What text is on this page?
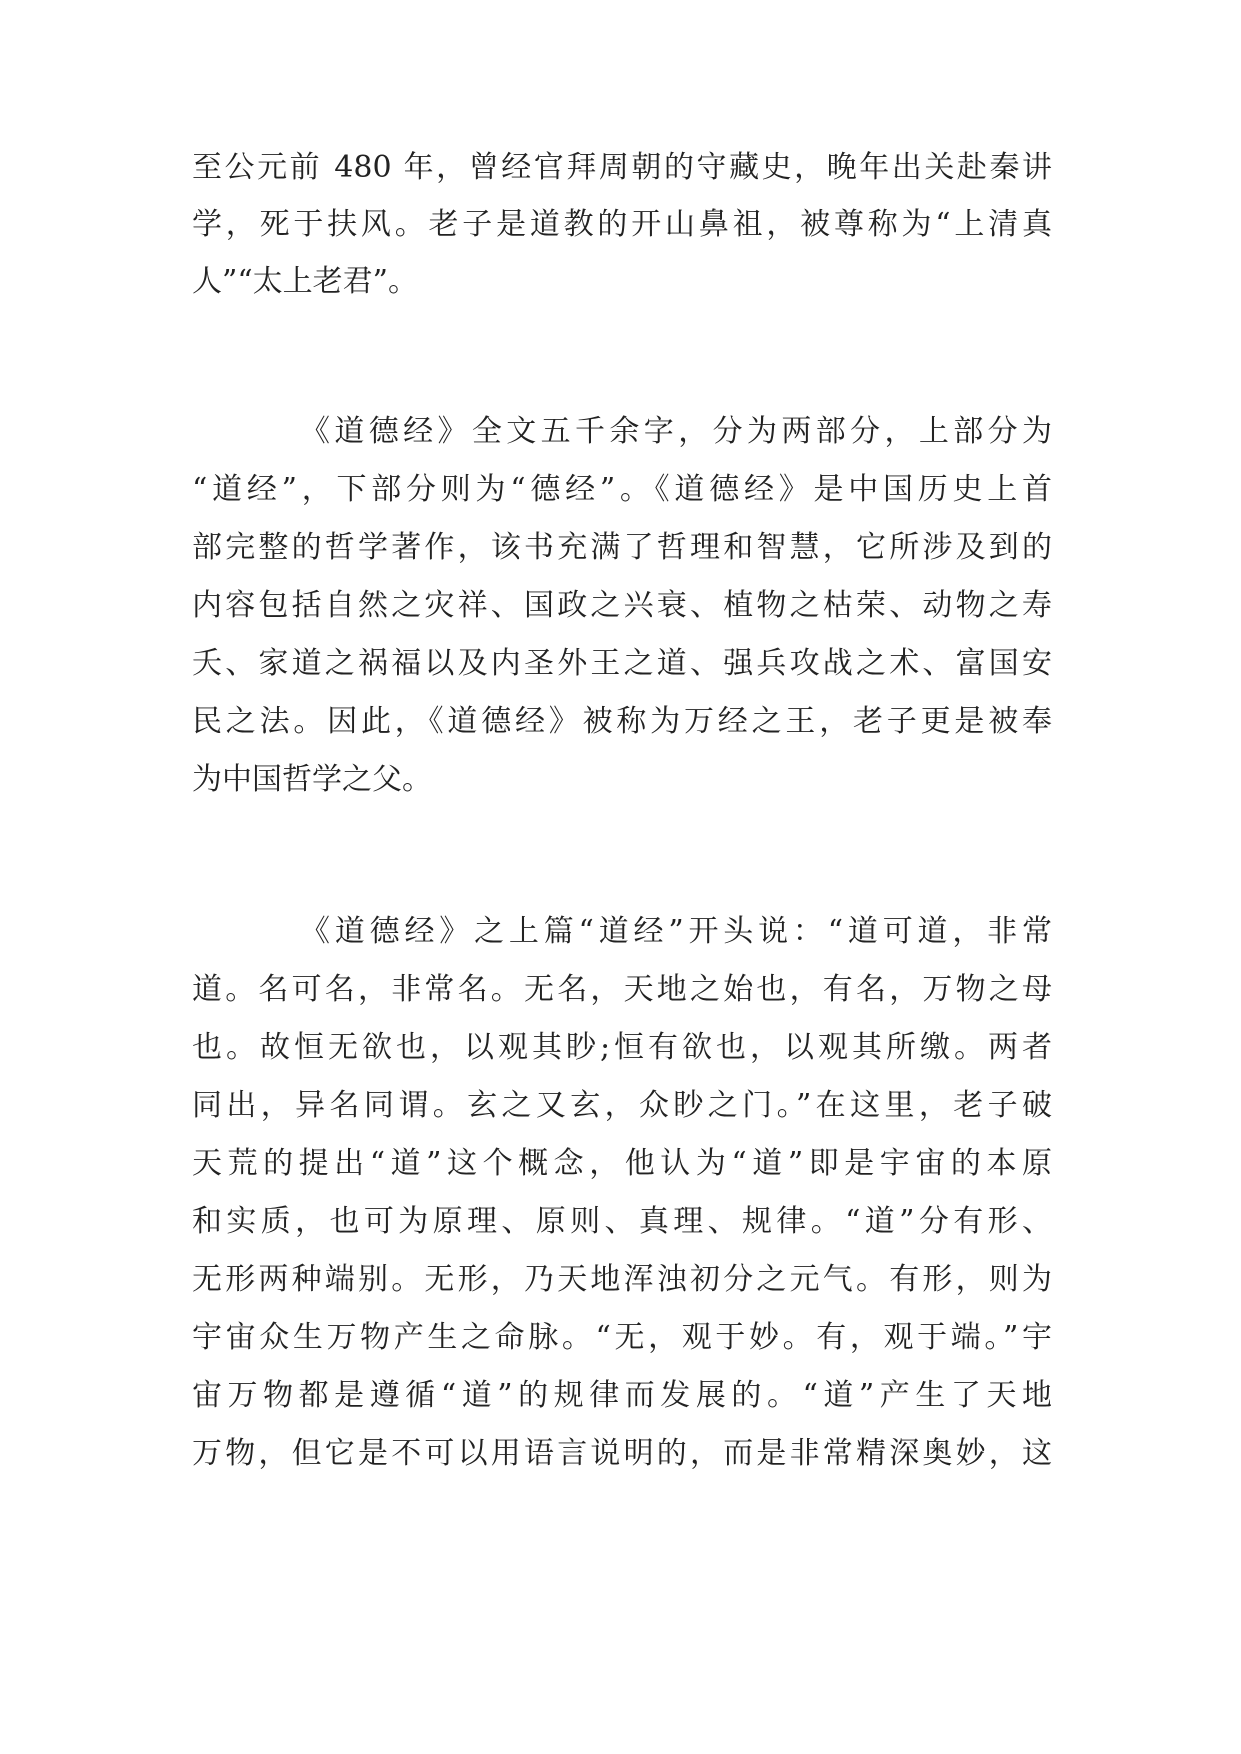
至公元前 480 年，曾经官拜周朝的守藏史，晚年出关赴秦讲
学，死于扶风。老子是道教的开山鼻祖，被尊称为“上清真
人”“太上老君”。
《道德经》全文五千余字，分为两部分，上部分为
“道经”，下部分则为“德经”。《道德经》是中国历史上首
部完整的哲学著作，该书充满了哲理和智慧，它所涉及到的
内容包括自然之灾祥、国政之兴衰、植物之枯荣、动物之寿
夭、家道之祸福以及内圣外王之道、强兵攻战之术、富国安
民之法。因此，《道德经》被称为万经之王，老子更是被奉
为中国哲学之父。
《道德经》之上篇“道经”开头说：“道可道，非常
道。名可名，非常名。无名，天地之始也，有名，万物之母
也。故恒无欲也，以观其眇;恒有欲也，以观其所缴。两者
同出，异名同谓。玄之又玄，众眇之门。”在这里，老子破
天荒的提出“道”这个概念，他认为“道”即是宇宙的本原
和实质，也可为原理、原则、真理、规律。“道”分有形、
无形两种端别。无形，乃天地浑浊初分之元气。有形，则为
宇宙众生万物产生之命脉。“无，观于妙。有，观于端。”宇
宙万物都是遵循“道”的规律而发展的。“道”产生了天地
万物，但它是不可以用语言说明的，而是非常精深奥妙，这
